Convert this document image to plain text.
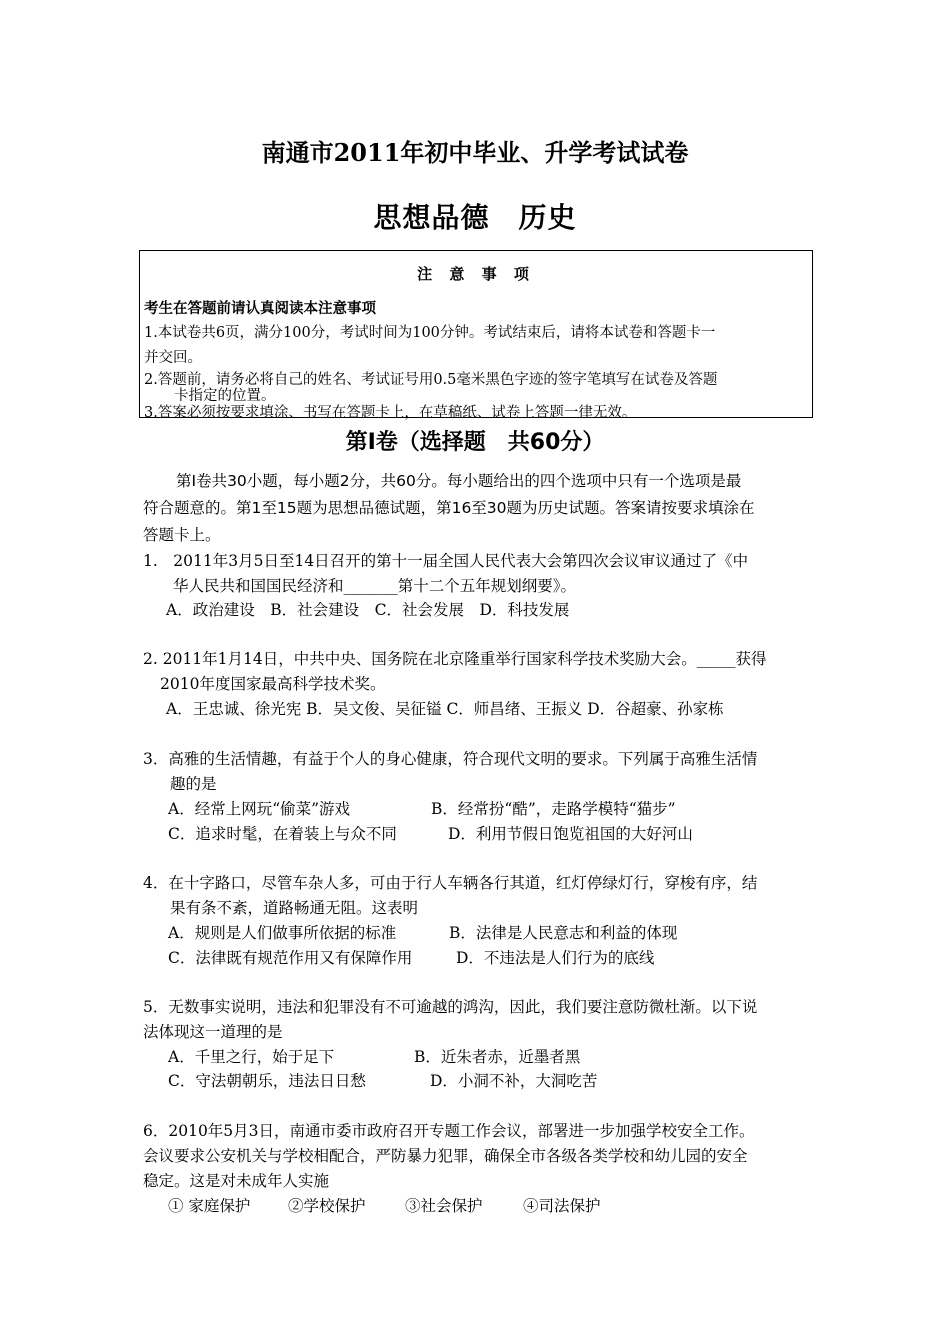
南通市2011年初中毕业、升学考试试卷
思想品德　历史
注 意 事 项
考生在答题前请认真阅读本注意事项
1.本试卷共6页，满分100分，考试时间为100分钟。考试结束后，请将本试卷和答题卡一
并交回。
2.答题前，请务必将自己的姓名、考试证号用0.5毫米黑色字迹的签字笔填写在试卷及答题
卡指定的位置。
3.答案必须按要求填涂、书写在答题卡上，在草稿纸、试卷上答题一律无效。
第Ⅰ卷（选择题　共60分）
第Ⅰ卷共30小题，每小题2分，共60分。每小题给出的四个选项中只有一个选项是最
符合题意的。第1至15题为思想品德试题，第16至30题为历史试题。答案请按要求填涂在
答题卡上。
1.　2011年3月5日至14日召开的第十一届全国人民代表大会第四次会议审议通过了《中
华人民共和国国民经济和_______第十二个五年规划纲要》。
A．政治建设　B．社会建设　C．社会发展　D．科技发展
2. 2011年1月14日，中共中央、国务院在北京隆重举行国家科学技术奖励大会。_____获得
2010年度国家最高科学技术奖。
A．王忠诚、徐光宪 B．吴文俊、吴征镒 C．师昌绪、王振义 D．谷超豪、孙家栋
3．高雅的生活情趣，有益于个人的身心健康，符合现代文明的要求。下列属于高雅生活情
趣的是
A．经常上网玩“偷菜”游戏	B．经常扮“酷”，走路学模特“猫步”
C．追求时髦，在着装上与众不同	D．利用节假日饱览祖国的大好河山
4．在十字路口，尽管车杂人多，可由于行人车辆各行其道，红灯停绿灯行，穿梭有序，结
果有条不紊，道路畅通无阻。这表明
A．规则是人们做事所依据的标准	B．法律是人民意志和利益的体现
C．法律既有规范作用又有保障作用	D．不违法是人们行为的底线
5．无数事实说明，违法和犯罪没有不可逾越的鸿沟，因此，我们要注意防微杜渐。以下说
法体现这一道理的是
A．千里之行，始于足下	B．近朱者赤，近墨者黑
C．守法朝朝乐，违法日日愁	D．小洞不补，大洞吃苦
6．2010年5月3日，南通市委市政府召开专题工作会议，部署进一步加强学校安全工作。
会议要求公安机关与学校相配合，严防暴力犯罪，确保全市各级各类学校和幼儿园的安全
稳定。这是对未成年人实施
① 家庭保护 ②学校保护	③社会保护	④司法保护
